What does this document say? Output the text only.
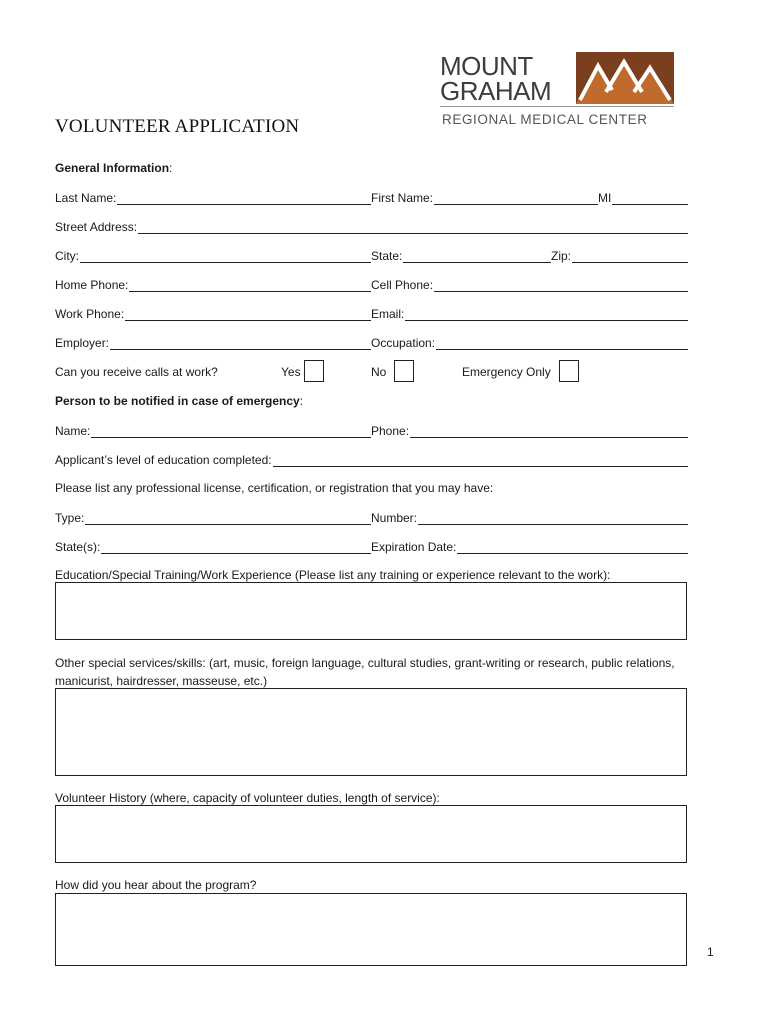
MOUNT
GRAHAM
REGIONAL MEDICAL CENTER
VOLUNTEER APPLICATION
General Information:
Last Name:	First Name:	MI
Street Address:
City:	State:	Zip:
Home Phone:	Cell Phone:
Work Phone:	Email:
Employer:	Occupation:
Can you receive calls at work?	Yes	No	Emergency Only
Person to be notified in case of emergency:
Name:	Phone:
Applicant’s level of education completed:
Please list any professional license, certification, or registration that you may have:
Type:	Number:
State(s):	Expiration Date:
Education/Special Training/Work Experience (Please list any training or experience relevant to the work):
Other special services/skills: (art, music, foreign language, cultural studies, grant-writing or research, public relations, manicurist, hairdresser, masseuse, etc.)
Volunteer History (where, capacity of volunteer duties, length of service):
How did you hear about the program?
1
